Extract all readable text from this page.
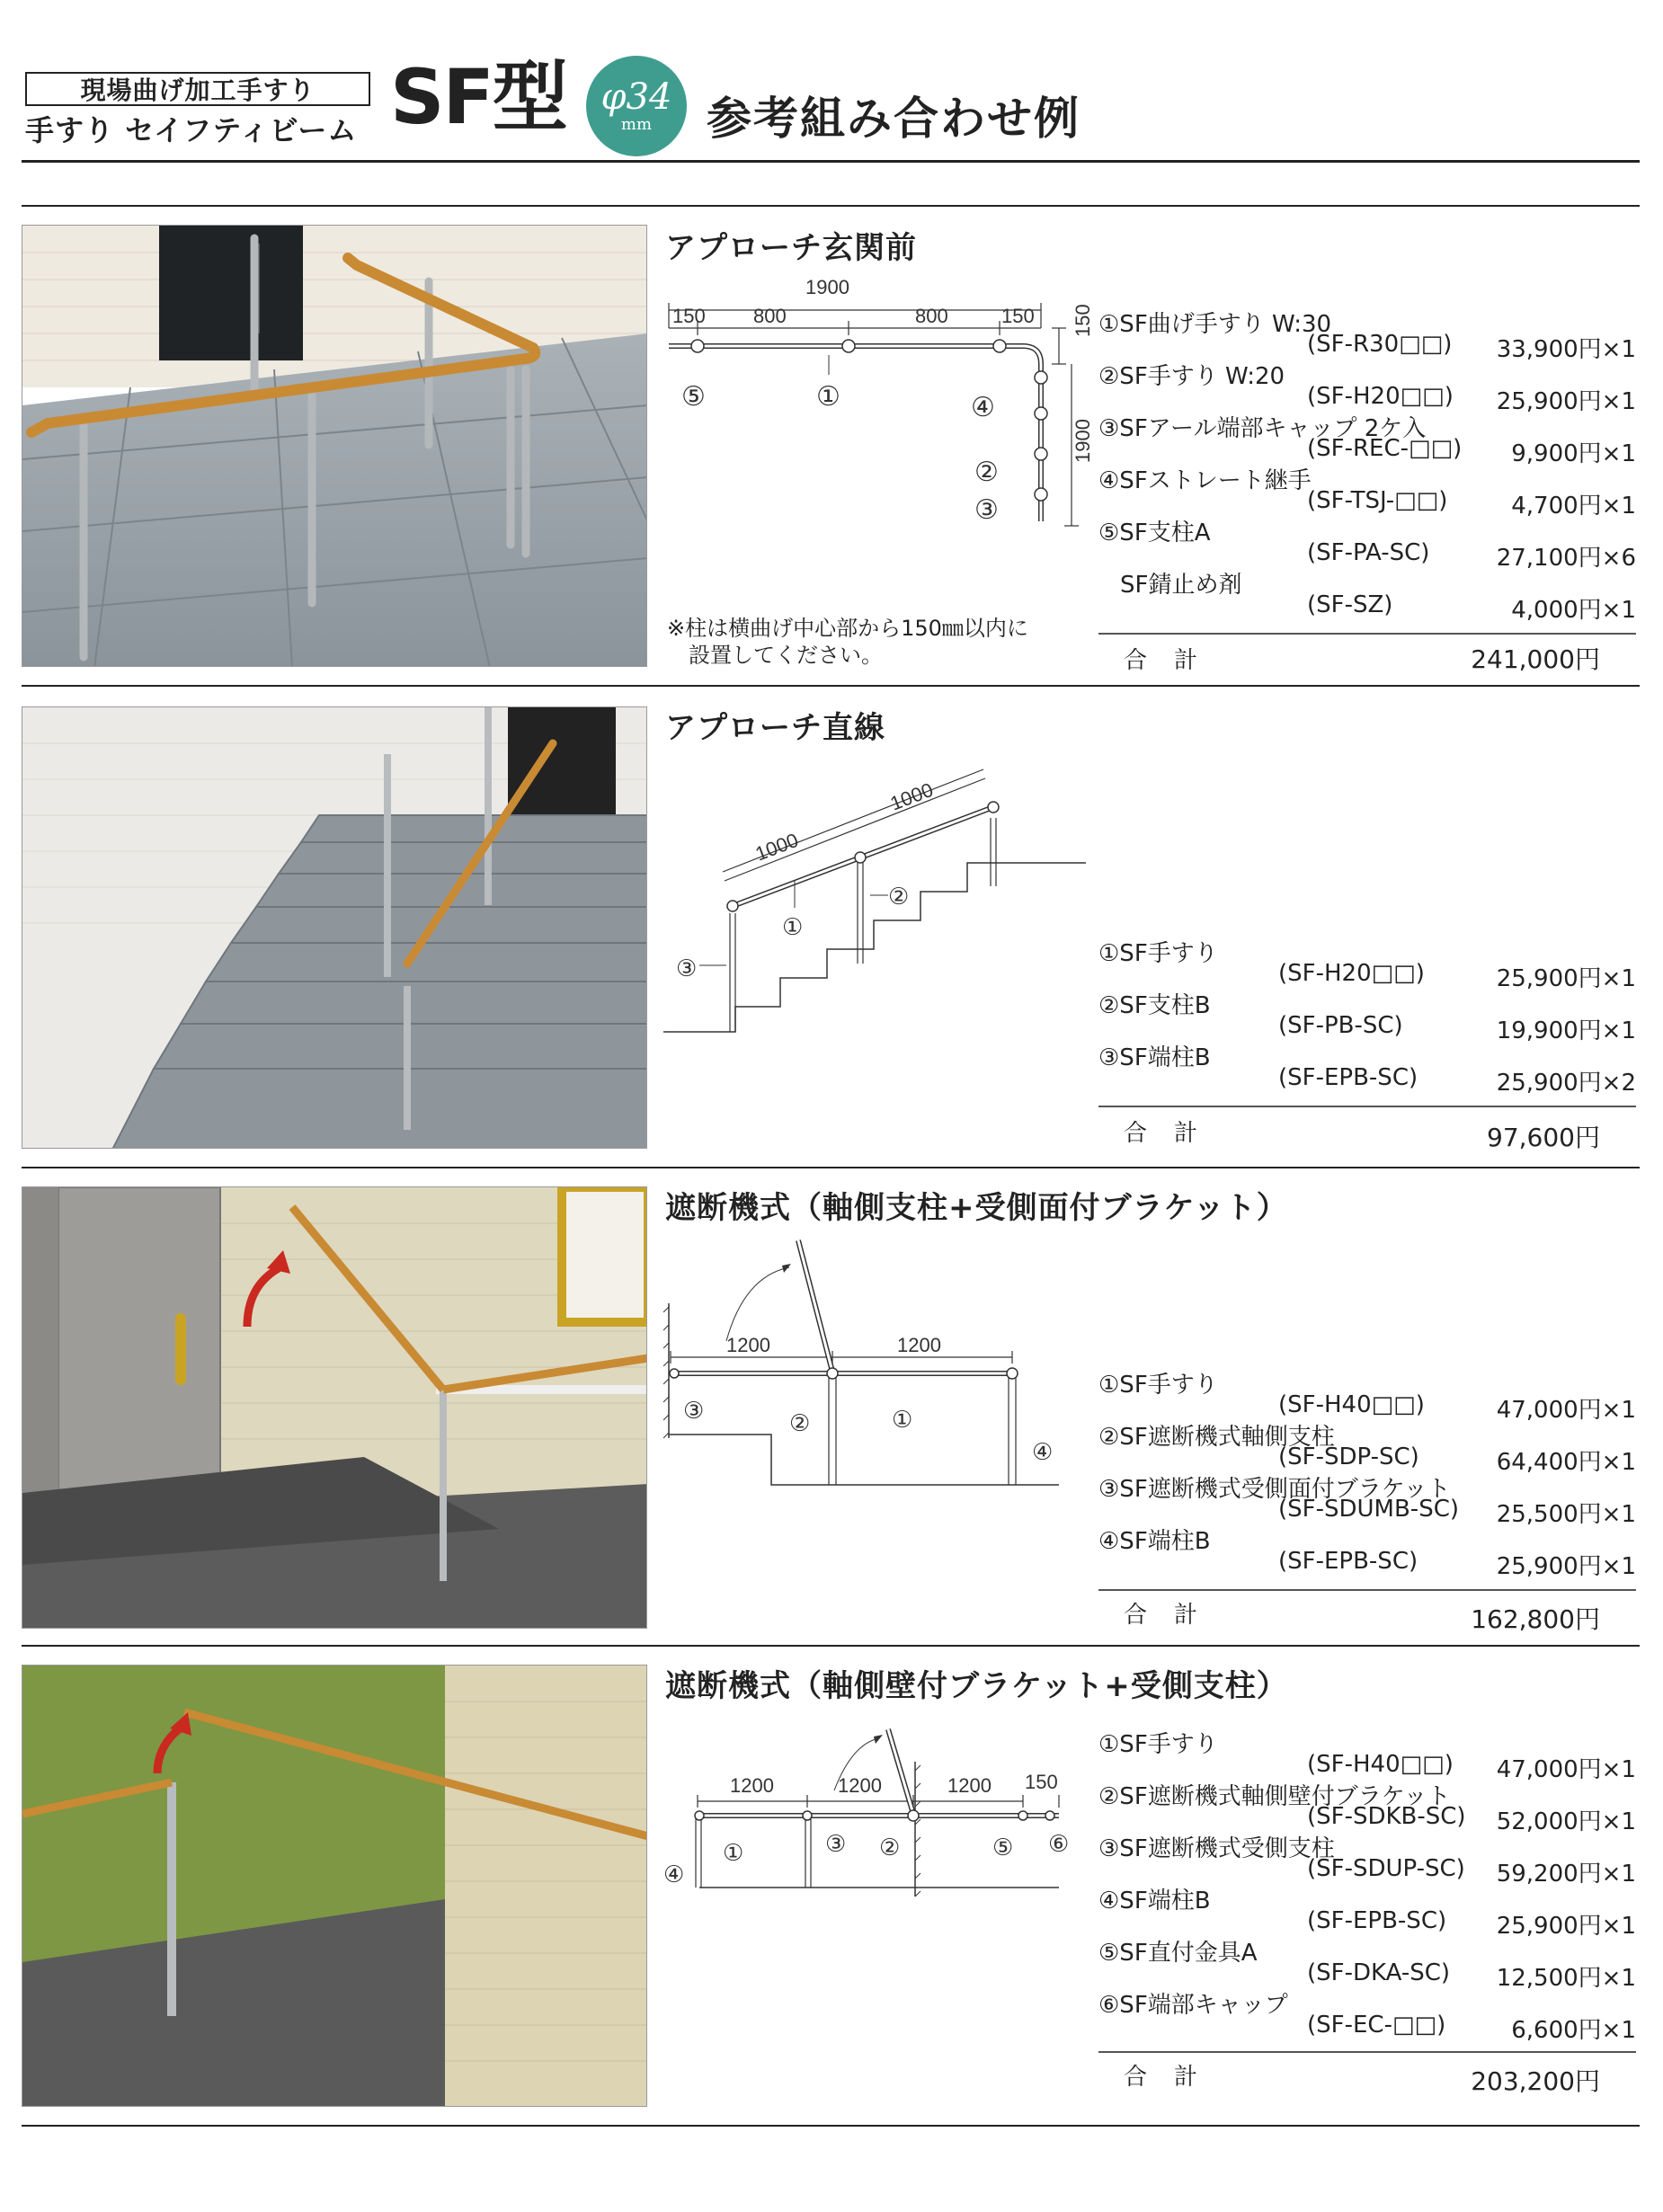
現場曲げ加工手すり
手すり セイフティビーム SF型 φ34
mm 参考組み合わせ例
アプローチ玄関前
1900
150 800	800	150 150
1900
⑤	①	④
②
③
※柱は横曲げ中心部から150㎜以内に
設置してください。
①SF曲げ手すり W:30
(SF-R30□□) 33,900円×1
②SF手すり W:20
(SF-H20□□) 25,900円×1
③SFアール端部キャップ 2ケ入
(SF-REC-□□) 9,900円×1
④SFストレート継手
(SF-TSJ-□□)	4,700円×1
⑤SF支柱A
(SF-PA-SC)	27,100円×6
SF錆止め剤
(SF-SZ)	4,000円×1
合計	241,000円
アプローチ直線
1000
1000
①
②
③
①SF手すり
(SF-H20□□)	25,900円×1
②SF支柱B
(SF-PB-SC)	19,900円×1
③SF端柱B
(SF-EPB-SC)	25,900円×2
合計	97,600円
遮断機式（軸側支柱+受側面付ブラケット）
1200	1200
③	②	①
④
①SF手すり
(SF-H40□□)	47,000円×1
②SF遮断機式軸側支柱
(SF-SDP-SC)	64,400円×1
③SF遮断機式受側面付ブラケット
(SF-SDUMB-SC) 25,500円×1
④SF端柱B
(SF-EPB-SC)	25,900円×1
合計	162,800円
遮断機式（軸側壁付ブラケット+受側支柱）
1200	1200	1200 150
④
①	③ ②	⑤ ⑥
①SF手すり
(SF-H40□□) 47,000円×1
②SF遮断機式軸側壁付ブラケット
(SF-SDKB-SC) 52,000円×1
③SF遮断機式受側支柱
(SF-SDUP-SC) 59,200円×1
④SF端柱B
(SF-EPB-SC) 25,900円×1
⑤SF直付金具A
(SF-DKA-SC) 12,500円×1
⑥SF端部キャップ
(SF-EC-□□)	6,600円×1
合計	203,200円
